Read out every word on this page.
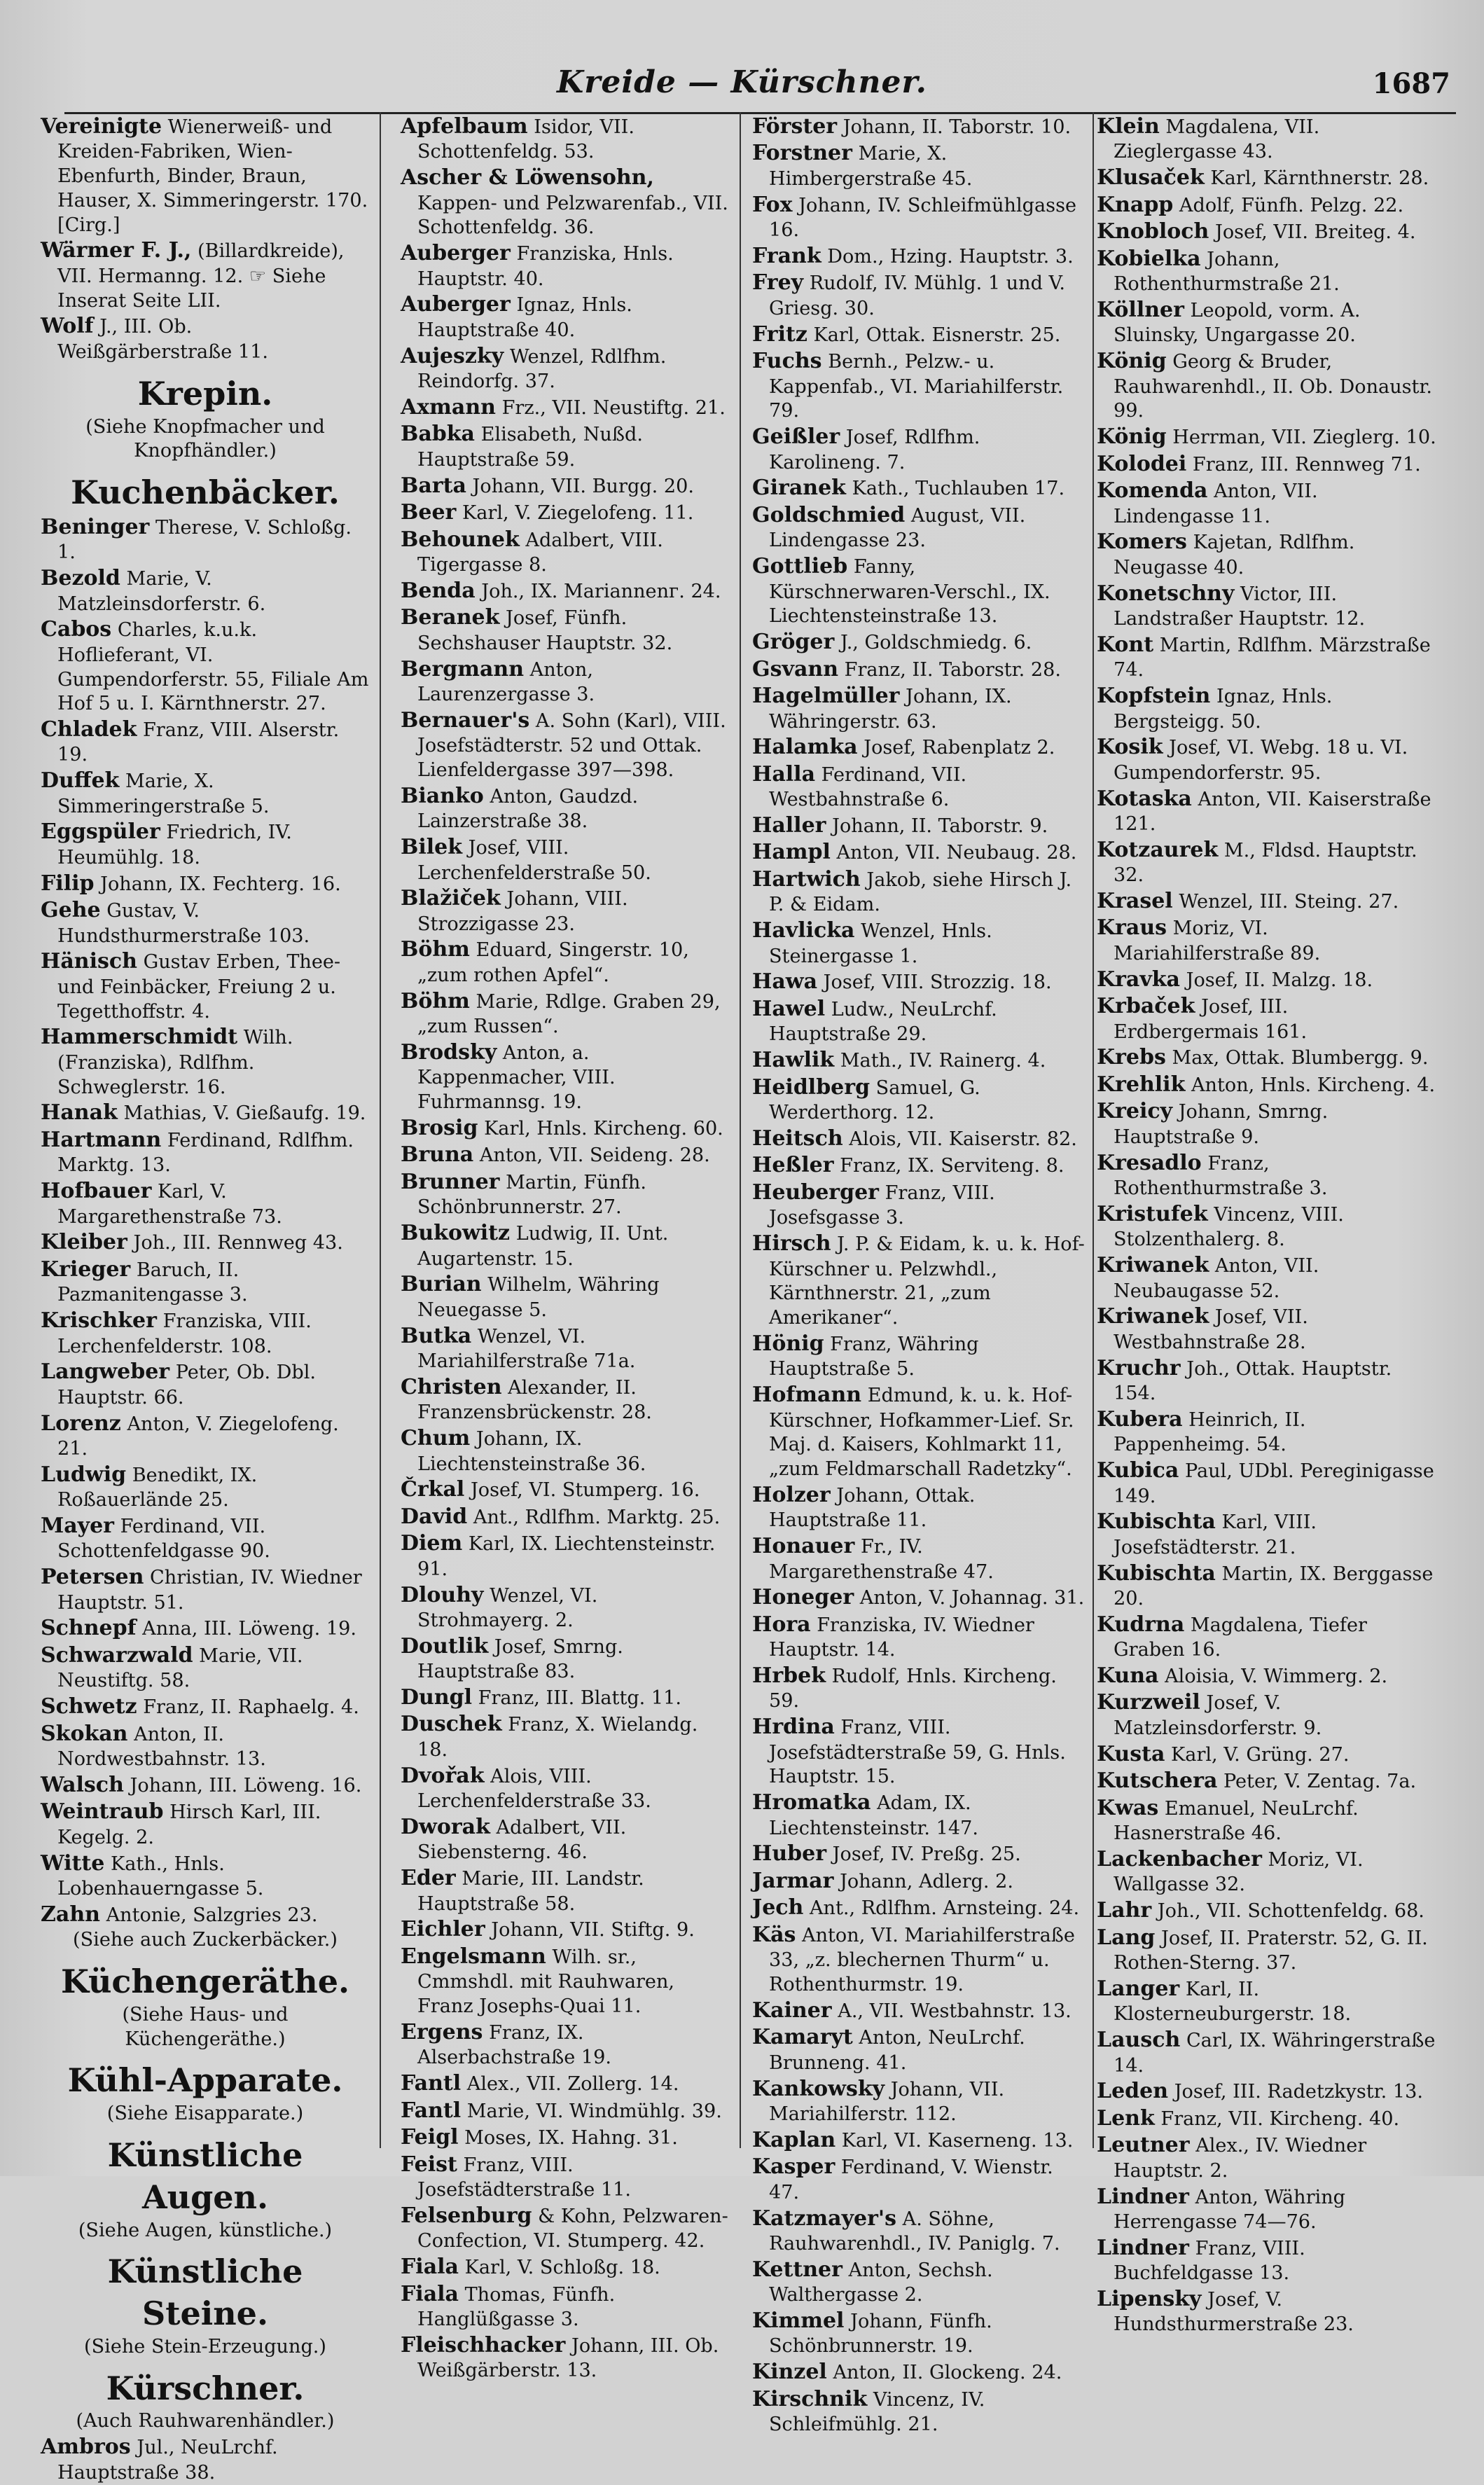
Kreide — Kürschner.	1687
Vereinigte Wienerweiß- und Kreiden-Fabriken, Wien-Ebenfurth, Binder, Braun, Hauser, X. Simmeringerstr. 170. [Cirg.]
Wärmer F. J., (Billardkreide), VII. Hermanng. 12. ☞ Siehe Inserat Seite LII.
Wolf J., III. Ob. Weißgärberstraße 11.
Krepin.
(Siehe Knopfmacher und Knopfhändler.)
Kuchenbäcker.
Beninger Therese, V. Schloßg. 1.
Bezold Marie, V. Matzleinsdorferstr. 6.
Cabos Charles, k.u.k. Hoflieferant, VI. Gumpendorferstr. 55, Filiale Am Hof 5 u. I. Kärnthnerstr. 27.
Chladek Franz, VIII. Alserstr. 19.
Duffek Marie, X. Simmeringerstraße 5.
Eggspüler Friedrich, IV. Heumühlg. 18.
Filip Johann, IX. Fechterg. 16.
Gehe Gustav, V. Hundsthurmerstraße 103.
Hänisch Gustav Erben, Thee- und Feinbäcker, Freiung 2 u. Tegetthoffstr. 4.
Hammerschmidt Wilh. (Franziska), Rdlfhm. Schweglerstr. 16.
Hanak Mathias, V. Gießaufg. 19.
Hartmann Ferdinand, Rdlfhm. Marktg. 13.
Hofbauer Karl, V. Margarethenstraße 73.
Kleiber Joh., III. Rennweg 43.
Krieger Baruch, II. Pazmanitengasse 3.
Krischker Franziska, VIII. Lerchenfelderstr. 108.
Langweber Peter, Ob. Dbl. Hauptstr. 66.
Lorenz Anton, V. Ziegelofeng. 21.
Ludwig Benedikt, IX. Roßauerlände 25.
Mayer Ferdinand, VII. Schottenfeldgasse 90.
Petersen Christian, IV. Wiedner Hauptstr. 51.
Schnepf Anna, III. Löweng. 19.
Schwarzwald Marie, VII. Neustiftg. 58.
Schwetz Franz, II. Raphaelg. 4.
Skokan Anton, II. Nordwestbahnstr. 13.
Walsch Johann, III. Löweng. 16.
Weintraub Hirsch Karl, III. Kegelg. 2.
Witte Kath., Hnls. Lobenhauerngasse 5.
Zahn Antonie, Salzgries 23.
(Siehe auch Zuckerbäcker.)
Küchengeräthe.
(Siehe Haus- und Küchengeräthe.)
Kühl-Apparate.
(Siehe Eisapparate.)
Künstliche Augen.
(Siehe Augen, künstliche.)
Künstliche Steine.
(Siehe Stein-Erzeugung.)
Kürschner.
(Auch Rauhwarenhändler.)
Ambros Jul., NeuLrchf. Hauptstraße 38.
Apfelbaum Isidor, VII. Schottenfeldg. 53.
Ascher & Löwensohn, Kappen- und Pelzwarenfab., VII. Schottenfeldg. 36.
Auberger Franziska, Hnls. Hauptstr. 40.
Auberger Ignaz, Hnls. Hauptstraße 40.
Aujeszky Wenzel, Rdlfhm. Reindorfg. 37.
Axmann Frz., VII. Neustiftg. 21.
Babka Elisabeth, Nußd. Hauptstraße 59.
Barta Johann, VII. Burgg. 20.
Beer Karl, V. Ziegelofeng. 11.
Behounek Adalbert, VIII. Tigergasse 8.
Benda Joh., IX. Mariannenг. 24.
Beranek Josef, Fünfh. Sechshauser Hauptstr. 32.
Bergmann Anton, Laurenzergasse 3.
Bernauer's A. Sohn (Karl), VIII. Josefstädterstr. 52 und Ottak. Lienfeldergasse 397—398.
Bianko Anton, Gaudzd. Lainzerstraße 38.
Bilek Josef, VIII. Lerchenfelderstraße 50.
Blažiček Johann, VIII. Strozzigasse 23.
Böhm Eduard, Singerstr. 10, „zum rothen Apfel“.
Böhm Marie, Rdlge. Graben 29, „zum Russen“.
Brodsky Anton, a. Kappenmacher, VIII. Fuhrmannsg. 19.
Brosig Karl, Hnls. Kircheng. 60.
Bruna Anton, VII. Seideng. 28.
Brunner Martin, Fünfh. Schönbrunnerstr. 27.
Bukowitz Ludwig, II. Unt. Augartenstr. 15.
Burian Wilhelm, Währing Neuegasse 5.
Butka Wenzel, VI. Mariahilferstraße 71a.
Christen Alexander, II. Franzensbrückenstr. 28.
Chum Johann, IX. Liechtensteinstraße 36.
Črkal Josef, VI. Stumperg. 16.
David Ant., Rdlfhm. Marktg. 25.
Diem Karl, IX. Liechtensteinstr. 91.
Dlouhy Wenzel, VI. Strohmayerg. 2.
Doutlik Josef, Smrng. Hauptstraße 83.
Dungl Franz, III. Blattg. 11.
Duschek Franz, X. Wielandg. 18.
Dvořak Alois, VIII. Lerchenfelderstraße 33.
Dworak Adalbert, VII. Siebensterng. 46.
Eder Marie, III. Landstr. Hauptstraße 58.
Eichler Johann, VII. Stiftg. 9.
Engelsmann Wilh. sr., Cmmshdl. mit Rauhwaren, Franz Josephs-Quai 11.
Ergens Franz, IX. Alserbachstraße 19.
Fantl Alex., VII. Zollerg. 14.
Fantl Marie, VI. Windmühlg. 39.
Feigl Moses, IX. Hahng. 31.
Feist Franz, VIII. Josefstädterstraße 11.
Felsenburg & Kohn, Pelzwaren-Confection, VI. Stumperg. 42.
Fiala Karl, V. Schloßg. 18.
Fiala Thomas, Fünfh. Hanglüßgasse 3.
Fleischhacker Johann, III. Ob. Weißgärberstr. 13.
Förster Johann, II. Taborstr. 10.
Forstner Marie, X. Himbergerstraße 45.
Fox Johann, IV. Schleifmühlgasse 16.
Frank Dom., Hzing. Hauptstr. 3.
Frey Rudolf, IV. Mühlg. 1 und V. Griesg. 30.
Fritz Karl, Ottak. Eisnerstr. 25.
Fuchs Bernh., Pelzw.- u. Kappenfab., VI. Mariahilferstr. 79.
Geißler Josef, Rdlfhm. Karolineng. 7.
Giranek Kath., Tuchlauben 17.
Goldschmied August, VII. Lindengasse 23.
Gottlieb Fanny, Kürschnerwaren-Verschl., IX. Liechtensteinstraße 13.
Gröger J., Goldschmiedg. 6.
Gsvann Franz, II. Taborstr. 28.
Hagelmüller Johann, IX. Währingerstr. 63.
Halamka Josef, Rabenplatz 2.
Halla Ferdinand, VII. Westbahnstraße 6.
Haller Johann, II. Taborstr. 9.
Hampl Anton, VII. Neubaug. 28.
Hartwich Jakob, siehe Hirsch J. P. & Eidam.
Havlicka Wenzel, Hnls. Steinergasse 1.
Hawa Josef, VIII. Strozzig. 18.
Hawel Ludw., NeuLrchf. Hauptstraße 29.
Hawlik Math., IV. Rainerg. 4.
Heidlberg Samuel, G. Werderthorg. 12.
Heitsch Alois, VII. Kaiserstr. 82.
Heßler Franz, IX. Serviteng. 8.
Heuberger Franz, VIII. Josefsgasse 3.
Hirsch J. P. & Eidam, k. u. k. Hof-Kürschner u. Pelzwhdl., Kärnthnerstr. 21, „zum Amerikaner“.
Hönig Franz, Währing Hauptstraße 5.
Hofmann Edmund, k. u. k. Hof-Kürschner, Hofkammer-Lief. Sr. Maj. d. Kaisers, Kohlmarkt 11, „zum Feldmarschall Radetzky“.
Holzer Johann, Ottak. Hauptstraße 11.
Honauer Fr., IV. Margarethenstraße 47.
Honeger Anton, V. Johannag. 31.
Hora Franziska, IV. Wiedner Hauptstr. 14.
Hrbek Rudolf, Hnls. Kircheng. 59.
Hrdina Franz, VIII. Josefstädterstraße 59, G. Hnls. Hauptstr. 15.
Hromatka Adam, IX. Liechtensteinstr. 147.
Huber Josef, IV. Preßg. 25.
Jarmar Johann, Adlerg. 2.
Jech Ant., Rdlfhm. Arnsteing. 24.
Käs Anton, VI. Mariahilferstraße 33, „z. blechernen Thurm“ u. Rothenthurmstr. 19.
Kainer A., VII. Westbahnstr. 13.
Kamaryt Anton, NeuLrchf. Brunneng. 41.
Kankowsky Johann, VII. Mariahilferstr. 112.
Kaplan Karl, VI. Kaserneng. 13.
Kasper Ferdinand, V. Wienstr. 47.
Katzmayer's A. Söhne, Rauhwarenhdl., IV. Paniglg. 7.
Kettner Anton, Sechsh. Walthergasse 2.
Kimmel Johann, Fünfh. Schönbrunnerstr. 19.
Kinzel Anton, II. Glockeng. 24.
Kirschnik Vincenz, IV. Schleifmühlg. 21.
Klein Magdalena, VII. Zieglergasse 43.
Klusaček Karl, Kärnthnerstr. 28.
Knapp Adolf, Fünfh. Pelzg. 22.
Knobloch Josef, VII. Breiteg. 4.
Kobielka Johann, Rothenthurmstraße 21.
Köllner Leopold, vorm. A. Sluinsky, Ungargasse 20.
König Georg & Bruder, Rauhwarenhdl., II. Ob. Donaustr. 99.
König Herrman, VII. Zieglerg. 10.
Kolodei Franz, III. Rennweg 71.
Komenda Anton, VII. Lindengasse 11.
Komers Kajetan, Rdlfhm. Neugasse 40.
Konetschny Victor, III. Landstraßer Hauptstr. 12.
Kont Martin, Rdlfhm. Märzstraße 74.
Kopfstein Ignaz, Hnls. Bergsteigg. 50.
Kosik Josef, VI. Webg. 18 u. VI. Gumpendorferstr. 95.
Kotaska Anton, VII. Kaiserstraße 121.
Kotzaurek M., Fldsd. Hauptstr. 32.
Krasel Wenzel, III. Steing. 27.
Kraus Moriz, VI. Mariahilferstraße 89.
Kravka Josef, II. Malzg. 18.
Krbaček Josef, III. Erdbergermais 161.
Krebs Max, Ottak. Blumbergg. 9.
Krehlik Anton, Hnls. Kircheng. 4.
Kreicy Johann, Smrng. Hauptstraße 9.
Kresadlo Franz, Rothenthurmstraße 3.
Kristufek Vincenz, VIII. Stolzenthalerg. 8.
Kriwanek Anton, VII. Neubaugasse 52.
Kriwanek Josef, VII. Westbahnstraße 28.
Kruchr Joh., Ottak. Hauptstr. 154.
Kubera Heinrich, II. Pappenheimg. 54.
Kubica Paul, UDbl. Pereginigasse 149.
Kubischta Karl, VIII. Josefstädterstr. 21.
Kubischta Martin, IX. Berggasse 20.
Kudrna Magdalena, Tiefer Graben 16.
Kuna Aloisia, V. Wimmerg. 2.
Kurzweil Josef, V. Matzleinsdorferstr. 9.
Kusta Karl, V. Grüng. 27.
Kutschera Peter, V. Zentag. 7a.
Kwas Emanuel, NeuLrchf. Hasnerstraße 46.
Lackenbacher Moriz, VI. Wallgasse 32.
Lahr Joh., VII. Schottenfeldg. 68.
Lang Josef, II. Praterstr. 52, G. II. Rothen-Sterng. 37.
Langer Karl, II. Klosterneuburgerstr. 18.
Lausch Carl, IX. Währingerstraße 14.
Leden Josef, III. Radetzkystr. 13.
Lenk Franz, VII. Kircheng. 40.
Leutner Alex., IV. Wiedner Hauptstr. 2.
Lindner Anton, Währing Herrengasse 74—76.
Lindner Franz, VIII. Buchfeldgasse 13.
Lipensky Josef, V. Hundsthurmerstraße 23.
